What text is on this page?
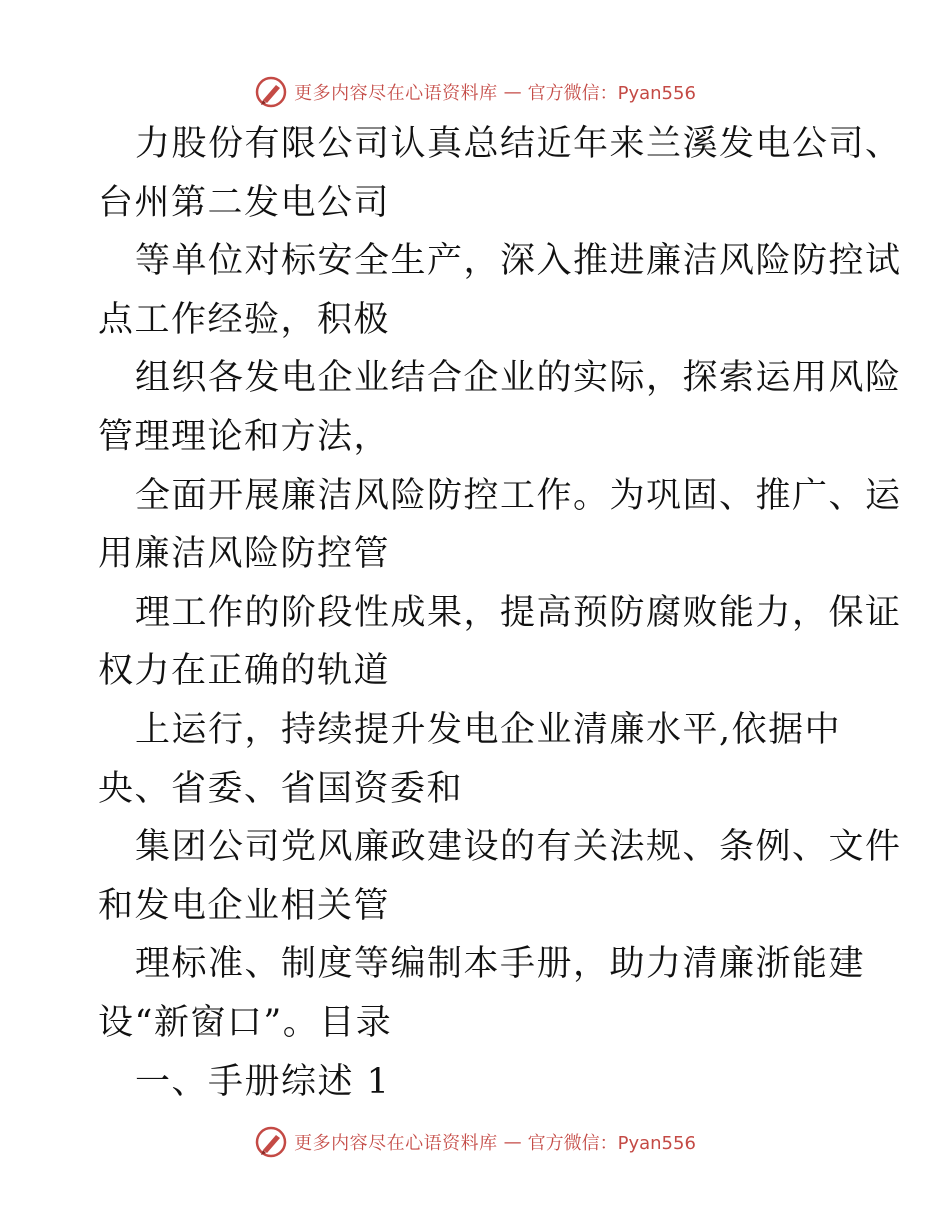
更多内容尽在心语资料库 — 官方微信：Pyan556
力股份有限公司认真总结近年来兰溪发电公司、
台州第二发电公司
等单位对标安全生产，深入推进廉洁风险防控试
点工作经验，积极
组织各发电企业结合企业的实际，探索运用风险
管理理论和方法，
全面开展廉洁风险防控工作。为巩固、推广、运
用廉洁风险防控管
理工作的阶段性成果，提高预防腐败能力，保证
权力在正确的轨道
上运行，持续提升发电企业清廉水平,依据中
央、省委、省国资委和
集团公司党风廉政建设的有关法规、条例、文件
和发电企业相关管
理标准、制度等编制本手册，助力清廉浙能建
设“新窗口”。目录
一、手册综述 1
更多内容尽在心语资料库 — 官方微信：Pyan556
